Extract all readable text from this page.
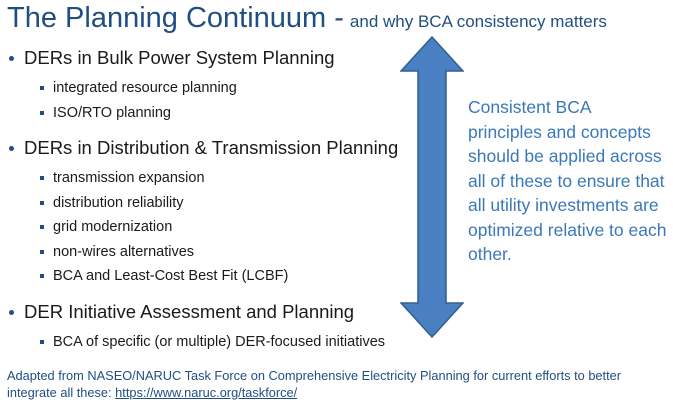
The Planning Continuum - and why BCA consistency matters
DERs in Bulk Power System Planning
integrated resource planning
ISO/RTO planning
DERs in Distribution & Transmission Planning
transmission expansion
distribution reliability
grid modernization
non-wires alternatives
BCA and Least-Cost Best Fit (LCBF)
DER Initiative Assessment and Planning
BCA of specific (or multiple) DER-focused initiatives
Consistent BCA principles and concepts should be applied across all of these to ensure that all utility investments are optimized relative to each other.
Adapted from NASEO/NARUC Task Force on Comprehensive Electricity Planning for current efforts to better integrate all these: https://www.naruc.org/taskforce/
